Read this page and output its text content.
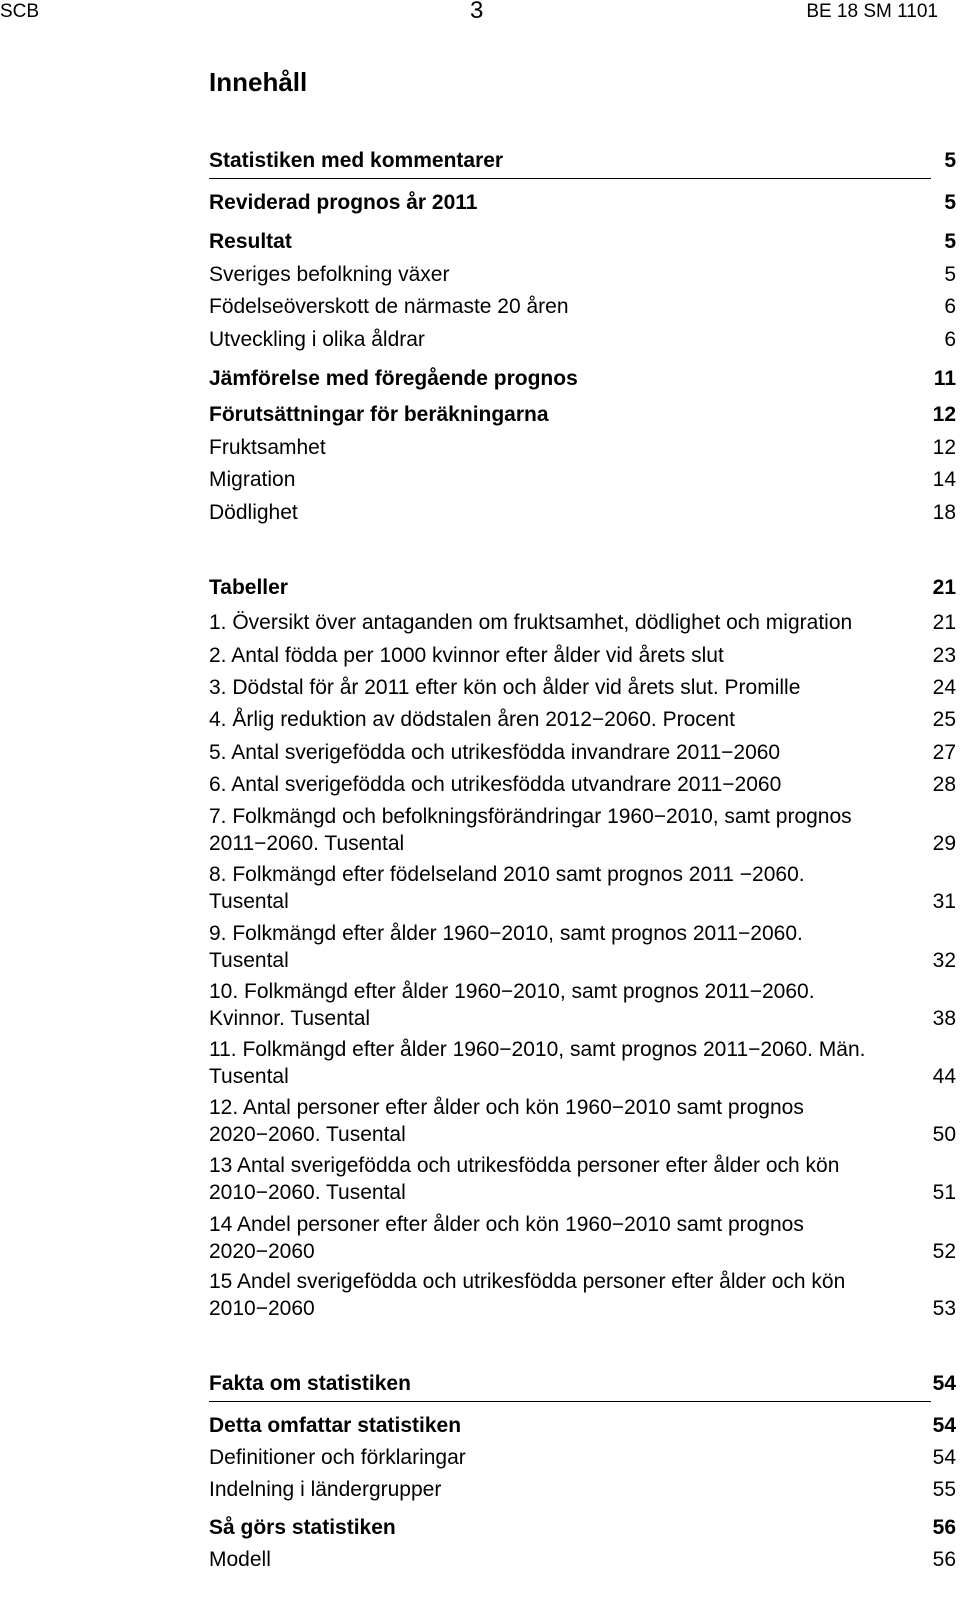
SCB	3	BE 18 SM 1101
Innehåll
Statistiken med kommentarer	5
Reviderad prognos år 2011	5
Resultat	5
Sveriges befolkning växer	5
Födelseöverskott de närmaste 20 åren	6
Utveckling i olika åldrar	6
Jämförelse med föregående prognos	11
Förutsättningar för beräkningarna	12
Fruktsamhet	12
Migration	14
Dödlighet	18
Tabeller	21
1. Översikt över antaganden om fruktsamhet, dödlighet och migration	21
2. Antal födda per 1000 kvinnor efter ålder vid årets slut	23
3. Dödstal för år 2011 efter kön och ålder vid årets slut. Promille	24
4. Årlig reduktion av dödstalen åren 2012−2060. Procent	25
5. Antal sverigefödda och utrikesfödda invandrare 2011−2060	27
6. Antal sverigefödda och utrikesfödda utvandrare 2011−2060	28
7. Folkmängd och befolkningsförändringar 1960−2010, samt prognos 2011−2060. Tusental	29
8. Folkmängd efter födelseland 2010 samt prognos 2011 −2060. Tusental	31
9. Folkmängd efter ålder 1960−2010, samt prognos 2011−2060. Tusental	32
10. Folkmängd efter ålder 1960−2010, samt prognos 2011−2060. Kvinnor. Tusental	38
11. Folkmängd efter ålder 1960−2010, samt prognos 2011−2060. Män. Tusental	44
12. Antal personer efter ålder och kön 1960−2010 samt prognos 2020−2060. Tusental	50
13 Antal sverigefödda och utrikesfödda personer efter ålder och kön 2010−2060. Tusental	51
14 Andel personer efter ålder och kön 1960−2010 samt prognos 2020−2060	52
15 Andel sverigefödda och utrikesfödda personer efter ålder och kön 2010−2060	53
Fakta om statistiken	54
Detta omfattar statistiken	54
Definitioner och förklaringar	54
Indelning i ländergrupper	55
Så görs statistiken	56
Modell	56
